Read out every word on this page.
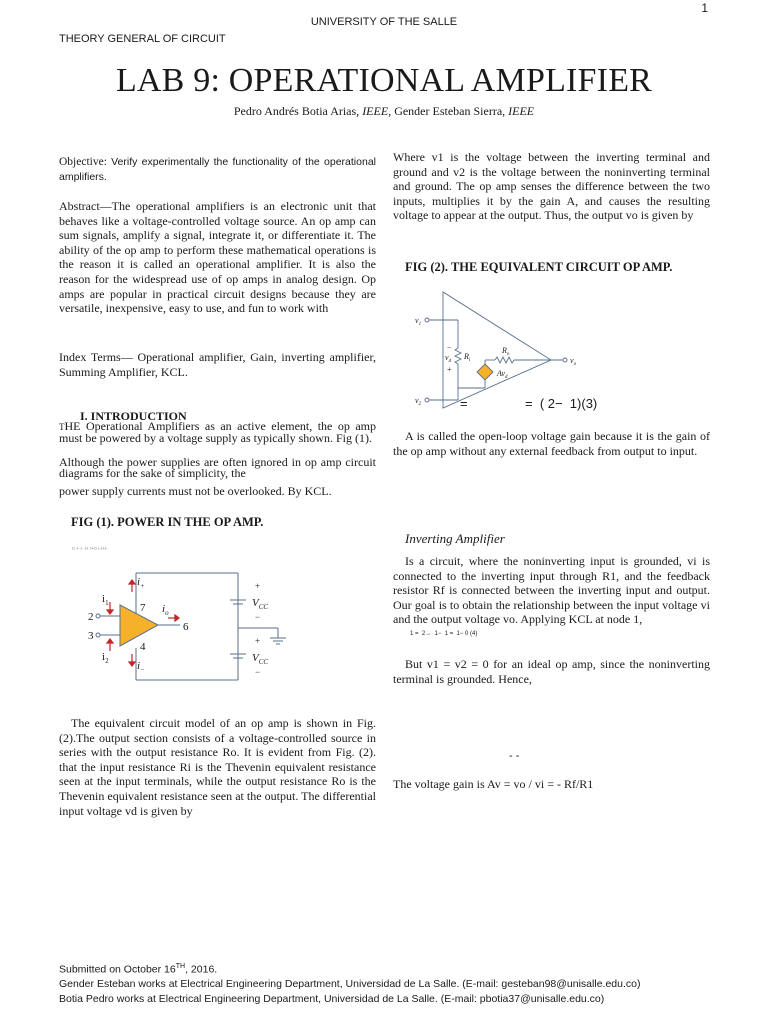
1
UNIVERSITY OF THE SALLE
THEORY GENERAL OF CIRCUIT
LAB 9: OPERATIONAL AMPLIFIER
Pedro Andrés Botia Arias, IEEE, Gender Esteban Sierra, IEEE
Objective: Verify experimentally the functionality of the operational amplifiers.
Abstract—The operational amplifiers is an electronic unit that behaves like a voltage-controlled voltage source. An op amp can sum signals, amplify a signal, integrate it, or differentiate it. The ability of the op amp to perform these mathematical operations is the reason it is called an operational amplifier. It is also the reason for the widespread use of op amps in analog design. Op amps are popular in practical circuit designs because they are versatile, inexpensive, easy to use, and fun to work with
Index Terms— Operational amplifier, Gain, inverting amplifier, Summing Amplifier, KCL.
I. INTRODUCTION
THE Operational Amplifiers as an active element, the op amp must be powered by a voltage supply as typically shown. Fig (1).
Although the power supplies are often ignored in op amp circuit diagrams for the sake of simplicity, the
power supply currents must not be overlooked. By KCL.
FIG (1). POWER IN THE OP AMP.
o + i- i+ i+o i-i+i-
$i_1$
$i_+$
7 $i_o$
2
3
6
4
$i_2$	$i_-$
+
$V_{CC}$
−
+
$V_{CC}$
−
The equivalent circuit model of an op amp is shown in Fig. (2).The output section consists of a voltage-controlled source in series with the output resistance Ro. It is evident from Fig. (2). that the input resistance Ri is the Thevenin equivalent resistance seen at the input terminals, while the output resistance Ro is the Thevenin equivalent resistance seen at the output. The differential input voltage vd is given by
Where v1 is the voltage between the inverting terminal and ground and v2 is the voltage between the noninverting terminal and ground. The op amp senses the difference between the two inputs, multiplies it by the gain A, and causes the resulting voltage to appear at the output. Thus, the output vo is given by
FIG (2). THE EQUIVALENT CIRCUIT OP AMP.
$v_1$
$v_2$
−
$v_d$
+
$R_i$
$R_o$
$Av_d$
$v_o$
=	=  ( 2−  1)(3)
A is called the open-loop voltage gain because it is the gain of the op amp without any external feedback from output to input.
Inverting Amplifier
Is a circuit, where the noninverting input is grounded, vi is connected to the inverting input through R1, and the feedback resistor Rf is connected between the inverting input and output. Our goal is to obtain the relationship between the input voltage vi and the output voltage vo. Applying KCL at node 1,
1 =  2→  1−  1 =  1− 0 (4)
But v1 = v2 = 0 for an ideal op amp, since the noninverting terminal is grounded. Hence,
- -
The voltage gain is Av = vo / vi = - Rf/R1
Submitted on October 16TH, 2016.
Gender Esteban works at Electrical Engineering Department, Universidad de La Salle. (E-mail: gesteban98@unisalle.edu.co)
Botia Pedro works at Electrical Engineering Department, Universidad de La Salle. (E-mail: pbotia37@unisalle.edu.co)
